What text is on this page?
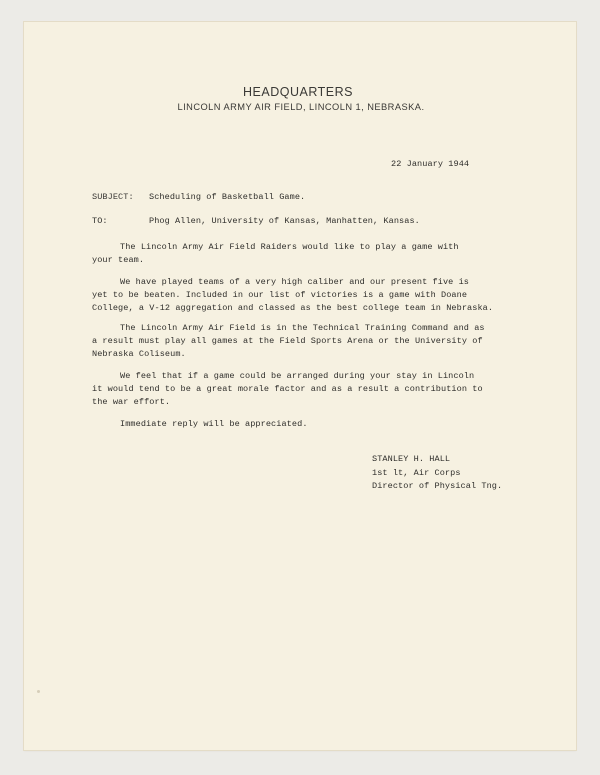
HEADQUARTERS
LINCOLN ARMY AIR FIELD, LINCOLN 1, NEBRASKA.
22 January 1944
SUBJECT: Scheduling of Basketball Game.
TO:	Phog Allen, University of Kansas, Manhatten, Kansas.
The Lincoln Army Air Field Raiders would like to play a game with
your team.
We have played teams of a very high caliber and our present five is
yet to be beaten. Included in our list of victories is a game with Doane
College, a V-12 aggregation and classed as the best college team in Nebraska.
The Lincoln Army Air Field is in the Technical Training Command and as
a result must play all games at the Field Sports Arena or the University of
Nebraska Coliseum.
We feel that if a game could be arranged during your stay in Lincoln
it would tend to be a great morale factor and as a result a contribution to
the war effort.
Immediate reply will be appreciated.
STANLEY H. HALL
1st lt, Air Corps
Director of Physical Tng.
